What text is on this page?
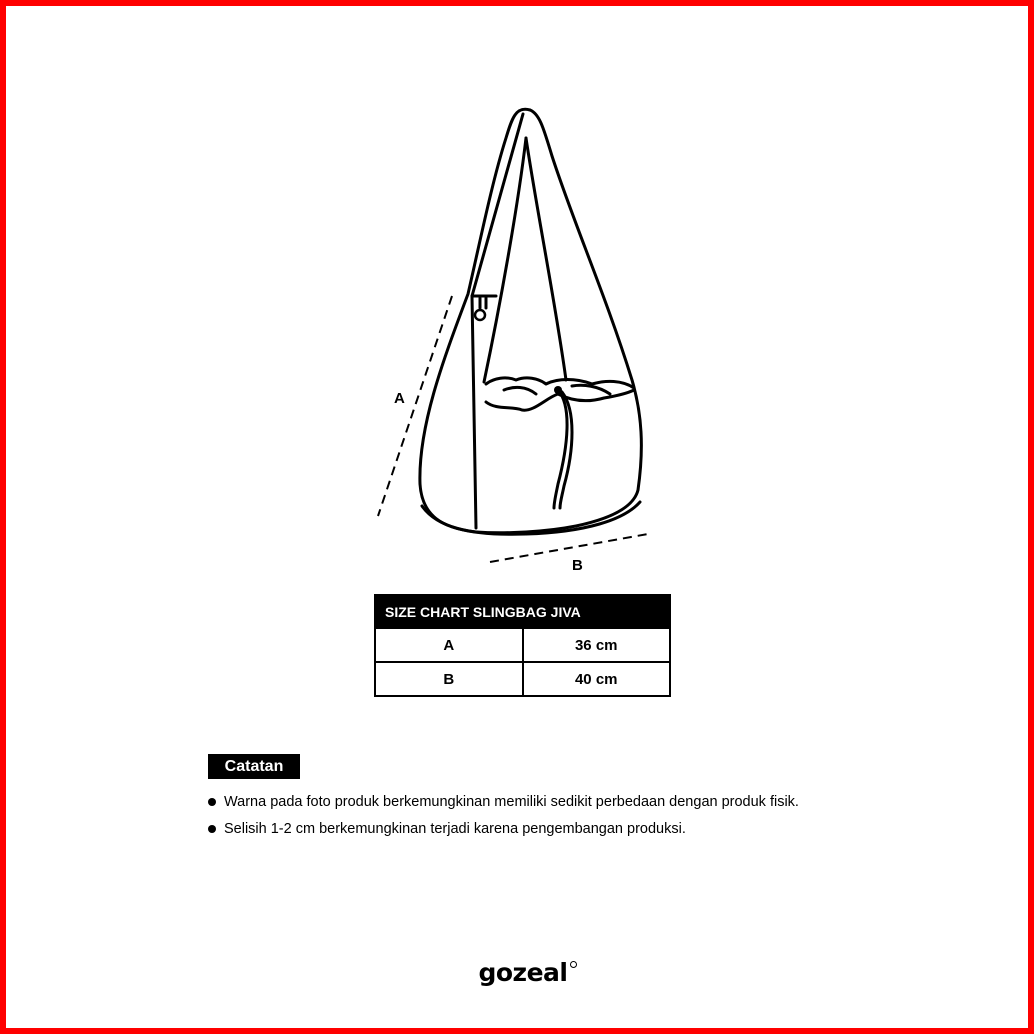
A
B
SIZE CHART SLINGBAG JIVA	
A	36 cm
B	40 cm
Catatan
Warna pada foto produk berkemungkinan memiliki sedikit perbedaan dengan produk fisik.
Selisih 1-2 cm berkemungkinan terjadi karena pengembangan produksi.
gozeal
